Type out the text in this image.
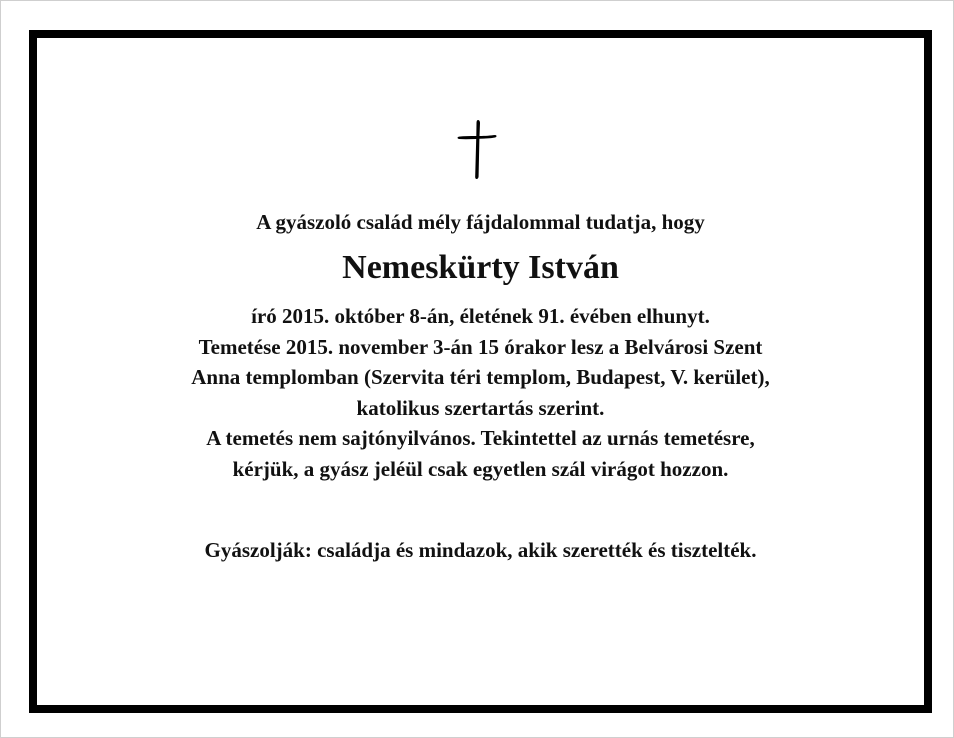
A gyászoló család mély fájdalommal tudatja, hogy
Nemeskürty István
író 2015. október 8-án, életének 91. évében elhunyt.
Temetése 2015. november 3-án 15 órakor lesz a Belvárosi Szent
Anna templomban (Szervita téri templom, Budapest, V. kerület),
katolikus szertartás szerint.
A temetés nem sajtónyilvános. Tekintettel az urnás temetésre,
kérjük, a gyász jeléül csak egyetlen szál virágot hozzon.
Gyászolják: családja és mindazok, akik szerették és tisztelték.
